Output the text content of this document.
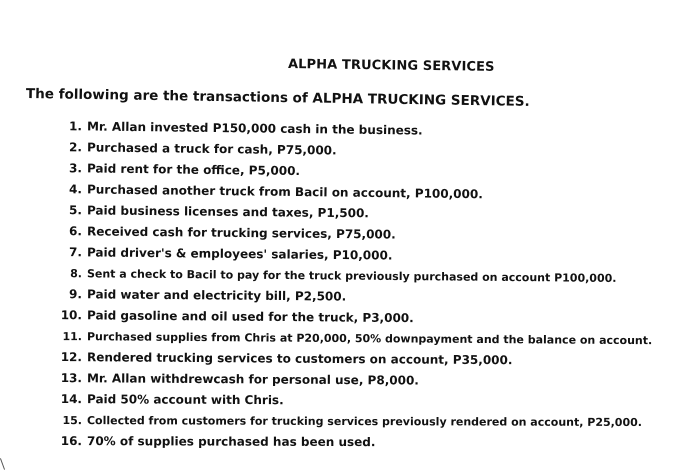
ALPHA TRUCKING SERVICES
The following are the transactions of ALPHA TRUCKING SERVICES.
1. Mr. Allan invested P150,000 cash in the business.
2. Purchased a truck for cash, P75,000.
3. Paid rent for the office, P5,000.
4. Purchased another truck from Bacil on account, P100,000.
5. Paid business licenses and taxes, P1,500.
6. Received cash for trucking services, P75,000.
7. Paid driver's & employees' salaries, P10,000.
8. Sent a check to Bacil to pay for the truck previously purchased on account P100,000.
9. Paid water and electricity bill, P2,500.
10. Paid gasoline and oil used for the truck, P3,000.
11. Purchased supplies from Chris at P20,000, 50% downpayment and the balance on account.
12. Rendered trucking services to customers on account, P35,000.
13. Mr. Allan withdrewcash for personal use, P8,000.
14. Paid 50% account with Chris.
15. Collected from customers for trucking services previously rendered on account, P25,000.
16. 70% of supplies purchased has been used.
